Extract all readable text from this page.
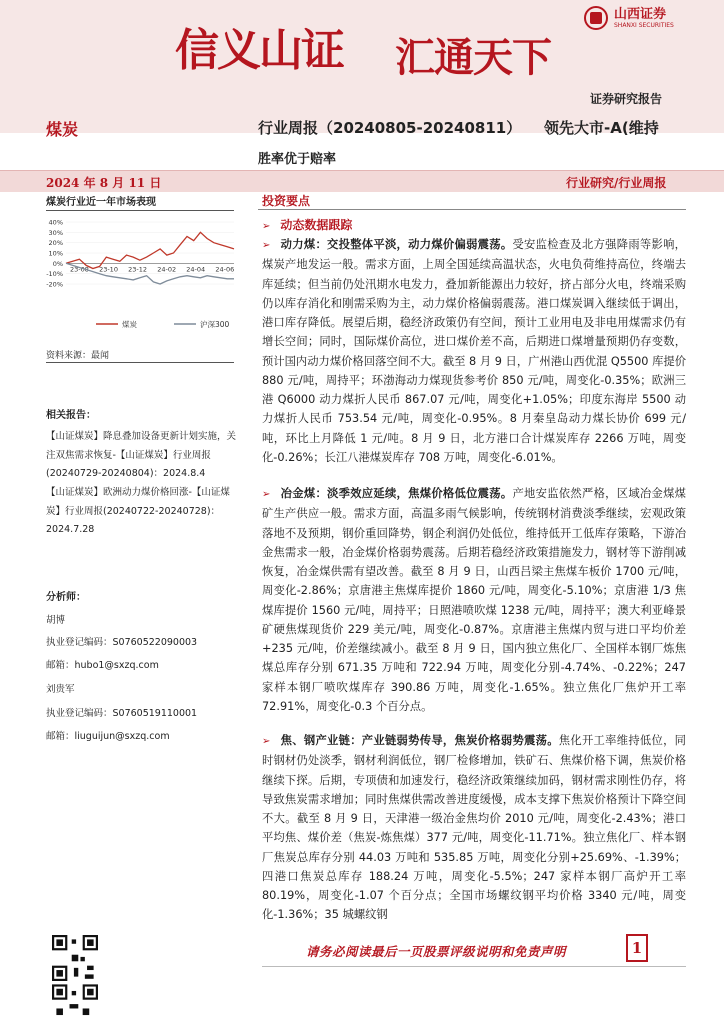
信义山证 汇通天下
山西证券
SHANXI SECURITIES
证券研究报告
煤炭	行业周报（20240805-20240811） 领先大市-A(维持
胜率优于赔率
2024 年 8 月 11 日	行业研究/行业周报
煤炭行业近一年市场表现
40%
30%
20%
10%
0%
-10%
-20%
23-08 23-10 23-12 24-02 24-04 24-06
煤炭	沪深300
资料来源：最闻
相关报告：
【山证煤炭】降息叠加设备更新计划实施，关注双焦需求恢复-【山证煤炭】行业周报(20240729-20240804)：2024.8.4
【山证煤炭】欧洲动力煤价格回涨-【山证煤炭】行业周报(20240722-20240728)：2024.7.28
分析师：
胡博
执业登记编码：S0760522090003
邮箱：hubo1@sxzq.com
刘贵军
执业登记编码：S0760519110001
邮箱：liuguijun@sxzq.com
投资要点
➢ 动态数据跟踪
➢ 动力煤：交投整体平淡，动力煤价偏弱震荡。受安监检查及北方强降雨等影响，煤炭产地发运一般。需求方面，上周全国延续高温状态，火电负荷维持高位，终端去库延续；但当前仍处汛期水电发力，叠加新能源出力较好，挤占部分火电，终端采购仍以库存消化和刚需采购为主，动力煤价格偏弱震荡。港口煤炭调入继续低于调出，港口库存降低。展望后期，稳经济政策仍有空间，预计工业用电及非电用煤需求仍有增长空间；同时，国际煤价高位，进口煤价差不高，后期进口煤增量预期仍存变数，预计国内动力煤价格回落空间不大。截至 8 月 9 日，广州港山西优混 Q5500 库提价 880 元/吨，周持平；环渤海动力煤现货参考价 850 元/吨，周变化-0.35%；欧洲三港 Q6000 动力煤折人民币 867.07 元/吨，周变化+1.05%；印度东海岸 5500 动力煤折人民币 753.54 元/吨，周变化-0.95%。8 月秦皇岛动力煤长协价 699 元/吨，环比上月降低 1 元/吨。8 月 9 日，北方港口合计煤炭库存 2266 万吨，周变化-0.26%；长江八港煤炭库存 708 万吨，周变化-6.01%。
➢ 冶金煤：淡季效应延续，焦煤价格低位震荡。产地安监依然严格，区域冶金煤煤矿生产供应一般。需求方面，高温多雨气候影响，传统钢材消费淡季继续，宏观政策落地不及预期，钢价重回降势，钢企利润仍处低位，维持低开工低库存策略，下游冶金焦需求一般，冶金煤价格弱势震荡。后期若稳经济政策措施发力，钢材等下游削减恢复，冶金煤供需有望改善。截至 8 月 9 日，山西吕梁主焦煤车板价 1700 元/吨，周变化-2.86%；京唐港主焦煤库提价 1860 元/吨，周变化-5.10%；京唐港 1/3 焦煤库提价 1560 元/吨，周持平；日照港喷吹煤 1238 元/吨，周持平；澳大利亚峰景矿硬焦煤现货价 229 美元/吨，周变化-0.87%。京唐港主焦煤内贸与进口平均价差+235 元/吨，价差继续减小。截至 8 月 9 日，国内独立焦化厂、全国样本钢厂炼焦煤总库存分别 671.35 万吨和 722.94 万吨，周变化分别-4.74%、-0.22%；247 家样本钢厂喷吹煤库存 390.86 万吨，周变化-1.65%。独立焦化厂焦炉开工率 72.91%，周变化-0.3 个百分点。
➢ 焦、钢产业链：产业链弱势传导，焦炭价格弱势震荡。焦化开工率维持低位，同时钢材仍处淡季，钢材利润低位，钢厂检修增加，铁矿石、焦煤价格下调，焦炭价格继续下探。后期，专项债和加速发行，稳经济政策继续加码，钢材需求刚性仍存，将导致焦炭需求增加；同时焦煤供需改善进度缓慢，成本支撑下焦炭价格预计下降空间不大。截至 8 月 9 日，天津港一级冶金焦均价 2010 元/吨，周变化-2.43%；港口平均焦、煤价差（焦炭-炼焦煤）377 元/吨，周变化-11.71%。独立焦化厂、样本钢厂焦炭总库存分别 44.03 万吨和 535.85 万吨，周变化分别+25.69%、-1.39%；四港口焦炭总库存 188.24 万吨，周变化-5.5%；247 家样本钢厂高炉开工率 80.19%，周变化-1.07 个百分点；全国市场螺纹钢平均价格 3340 元/吨，周变化-1.36%；35 城螺纹钢
请务必阅读最后一页股票评级说明和免责声明	1
